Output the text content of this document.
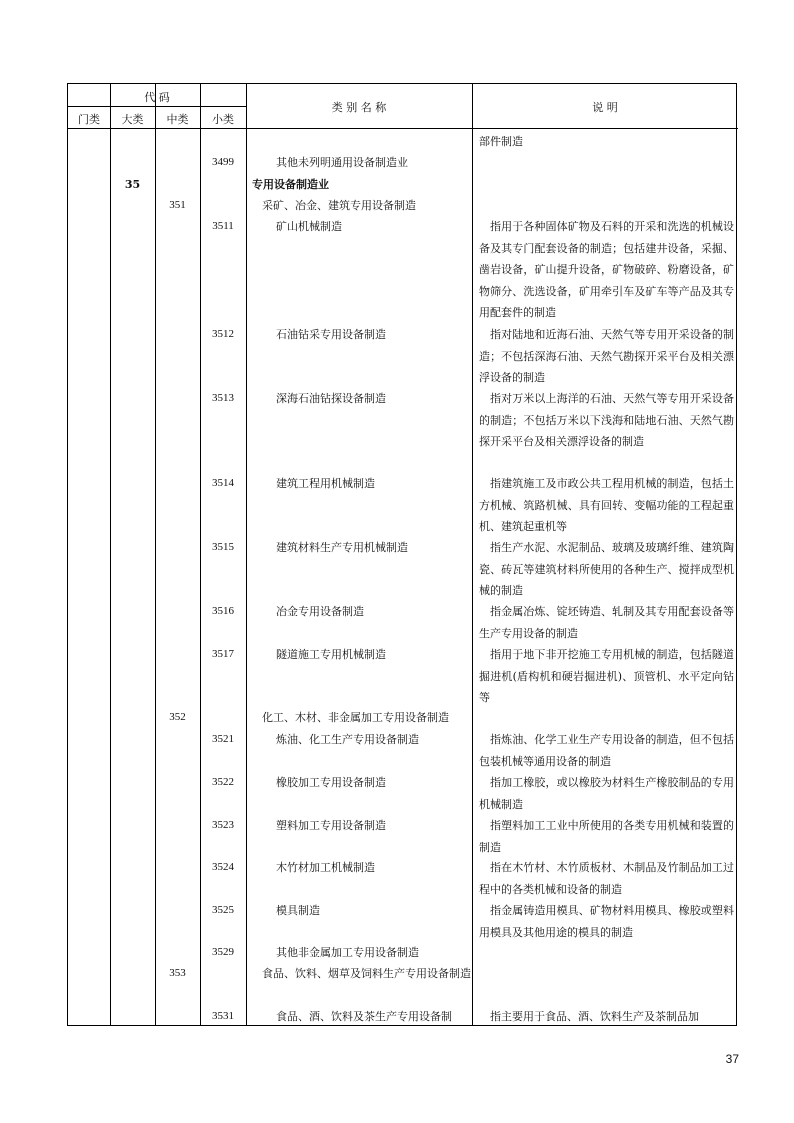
代 码
门类	大类	中类	小类
类 别 名 称	说 明
部件制造
3499	其他未列明通用设备制造业
35	专用设备制造业
351	采矿、冶金、建筑专用设备制造
3511	矿山机械制造	指用于各种固体矿物及石料的开采和洗选的机械设备及其专门配套设备的制造；包括建井设备，采掘、凿岩设备，矿山提升设备，矿物破碎、粉磨设备，矿物筛分、洗选设备，矿用牵引车及矿车等产品及其专用配套件的制造
3512	石油钻采专用设备制造	指对陆地和近海石油、天然气等专用开采设备的制造；不包括深海石油、天然气勘探开采平台及相关漂浮设备的制造
3513	深海石油钻探设备制造	指对万米以上海洋的石油、天然气等专用开采设备的制造；不包括万米以下浅海和陆地石油、天然气勘探开采平台及相关漂浮设备的制造
3514	建筑工程用机械制造	指建筑施工及市政公共工程用机械的制造，包括土方机械、筑路机械、具有回转、变幅功能的工程起重机、建筑起重机等
3515	建筑材料生产专用机械制造	指生产水泥、水泥制品、玻璃及玻璃纤维、建筑陶瓷、砖瓦等建筑材料所使用的各种生产、搅拌成型机械的制造
3516	冶金专用设备制造	指金属冶炼、锭坯铸造、轧制及其专用配套设备等生产专用设备的制造
3517	隧道施工专用机械制造	指用于地下非开挖施工专用机械的制造，包括隧道掘进机(盾构机和硬岩掘进机)、顶管机、水平定向钻等
352	化工、木材、非金属加工专用设备制造
3521	炼油、化工生产专用设备制造	指炼油、化学工业生产专用设备的制造，但不包括包装机械等通用设备的制造
3522	橡胶加工专用设备制造	指加工橡胶，或以橡胶为材料生产橡胶制品的专用机械制造
3523	塑料加工专用设备制造	指塑料加工工业中所使用的各类专用机械和装置的制造
3524	木竹材加工机械制造	指在木竹材、木竹质板材、木制品及竹制品加工过程中的各类机械和设备的制造
3525	模具制造	指金属铸造用模具、矿物材料用模具、橡胶或塑料用模具及其他用途的模具的制造
3529	其他非金属加工专用设备制造
353	食品、饮料、烟草及饲料生产专用设备制造
3531	食品、酒、饮料及茶生产专用设备制	指主要用于食品、酒、饮料生产及茶制品加
37
